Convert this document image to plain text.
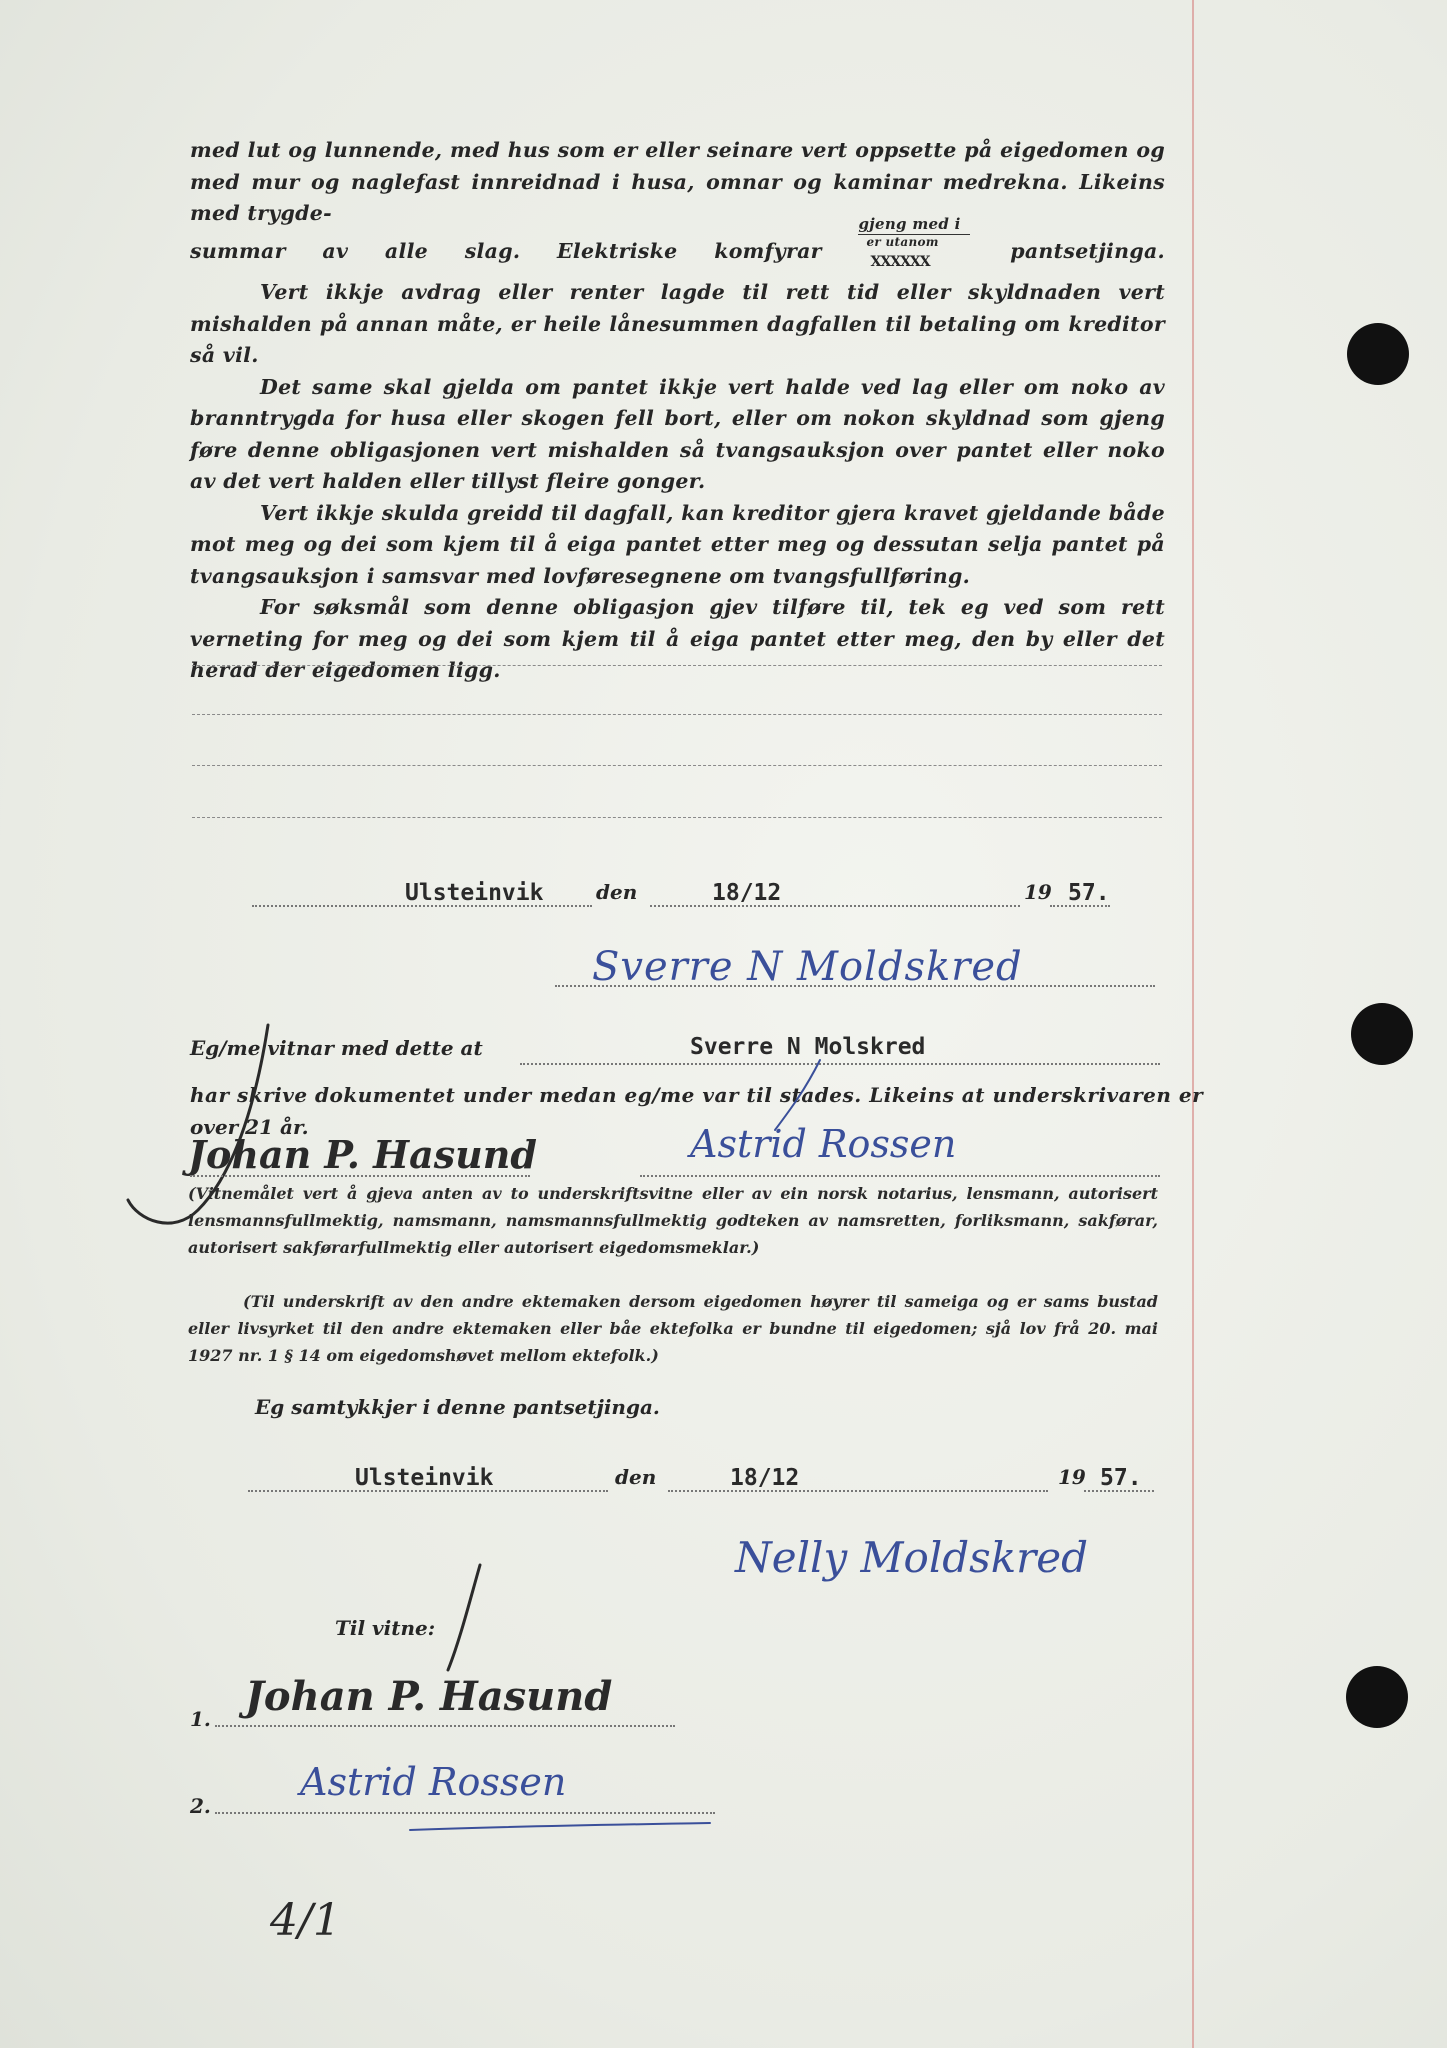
med lut og lunnende, med hus som er eller seinare vert oppsette på eigedomen og med mur og naglefast innreidnad i husa, omnar og kaminar medrekna. Likeins med trygde-

summar av alle slag. Elektriske komfyrar
gjeng med i
er utanom
XXXXXX	pantsetjinga.

Vert ikkje avdrag eller renter lagde til rett tid eller skyldnaden vert mishalden på annan måte, er heile lånesummen dagfallen til betaling om kreditor så vil.

Det same skal gjelda om pantet ikkje vert halde ved lag eller om noko av branntrygda for husa eller skogen fell bort, eller om nokon skyldnad som gjeng føre denne obligasjonen vert mishalden så tvangsauksjon over pantet eller noko av det vert halden eller tillyst fleire gonger.

Vert ikkje skulda greidd til dagfall, kan kreditor gjera kravet gjeldande både mot meg og dei som kjem til å eiga pantet etter meg og dessutan selja pantet på tvangsauksjon i samsvar med lovføresegnene om tvangsfullføring.

For søksmål som denne obligasjon gjev tilføre til, tek eg ved som rett verneting for meg og dei som kjem til å eiga pantet etter meg, den by eller det herad der eigedomen ligg.

Ulsteinvik	den	18/12	19 57.
Sverre N Moldskred
Eg/me vitnar med dette at	Sverre N Molskred
har skrive dokumentet under medan eg/me var til stades. Likeins at underskrivaren er
over 21 år.
Johan P. Hasund	Astrid Rossen

(Vitnemålet vert å gjeva anten av to underskriftsvitne eller av ein norsk notarius, lensmann, autorisert lensmannsfullmektig, namsmann, namsmannsfullmektig godteken av namsretten, forliksmann, sakførar, autorisert sakførarfullmektig eller autorisert eigedomsmeklar.)

(Til underskrift av den andre ektemaken dersom eigedomen høyrer til sameiga og er sams bustad eller livsyrket til den andre ektemaken eller båe ektefolka er bundne til eigedomen; sjå lov frå 20. mai 1927 nr. 1 § 14 om eigedomshøvet mellom ektefolk.)

Eg samtykkjer i denne pantsetjinga.
Ulsteinvik	den	18/12	19 57.
Nelly Moldskred
Til vitne:
1. Johan P. Hasund
2.
Astrid Rossen
4/1
